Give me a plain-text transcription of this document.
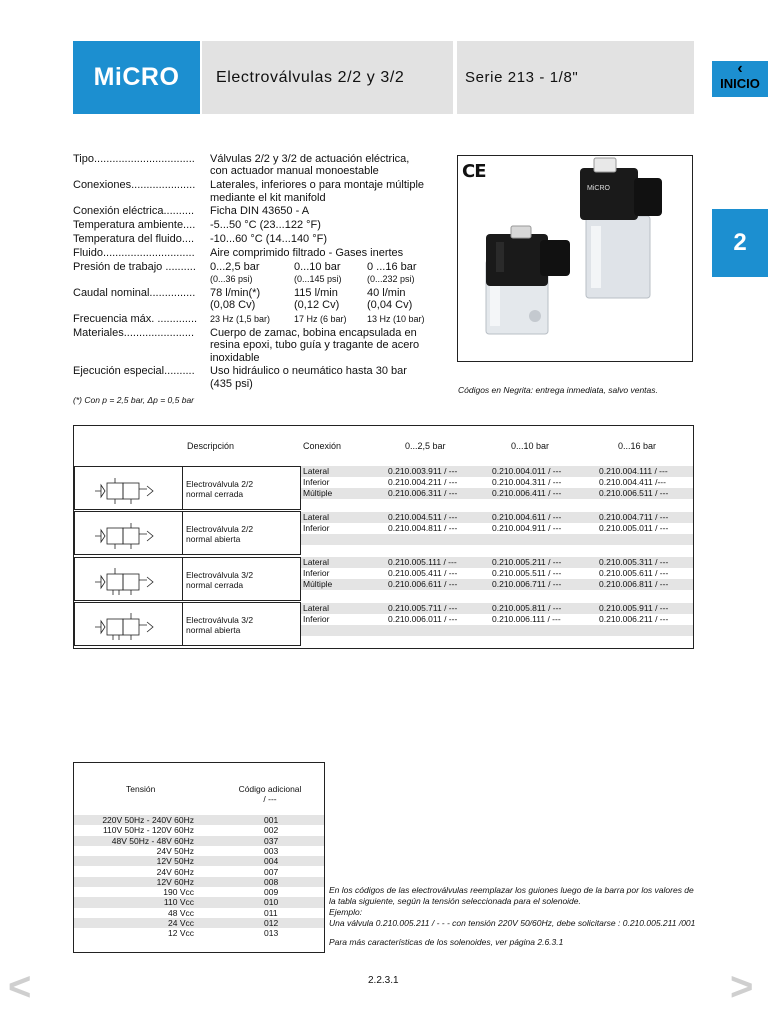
MiCRO	Electroválvulas 2/2 y 3/2	Serie 213 - 1/8"
‹
INICIO
2
Tipo.................................	Válvulas 2/2 y 3/2 de actuación eléctrica,
con actuador manual monoestable
Conexiones.....................	Laterales, inferiores o para montaje múltiple
mediante el kit manifold
Conexión eléctrica..........	Ficha DIN 43650 - A
Temperatura ambiente....	-5...50 °C (23...122 °F)
Temperatura del fluido....	-10...60 °C (14...140 °F)
Fluido..............................	Aire comprimido filtrado - Gases inertes
Presión de trabajo ..........	0...2,5 bar	0...10 bar	0 ...16 bar
(0...36 psi)	(0...145 psi)	(0...232 psi)
Caudal nominal...............	78 l/min(*)	115 l/min	40 l/min
(0,08 Cv)	(0,12 Cv)	(0,04 Cv)
Frecuencia máx. .............	23 Hz (1,5 bar)	17 Hz (6 bar)	13 Hz (10 bar)
Materiales.......................	Cuerpo de zamac, bobina encapsulada en
resina epoxi, tubo guía y tragante de acero
inoxidable
Ejecución especial..........	Uso hidráulico o neumático hasta 30 bar
(435 psi)
(*) Con p = 2,5 bar, Δp = 0,5 bar
CE
MiCRO
Códigos en Negrita: entrega inmediata, salvo ventas.
Descripción	Conexión	0...2,5 bar	0...10 bar	0...16 bar
Electroválvula 2/2
normal cerrada
Lateral	0.210.003.911 / ---	0.210.004.011 / ---	0.210.004.111 / ---
Inferior	0.210.004.211 / ---	0.210.004.311 / ---	0.210.004.411 /---
Múltiple	0.210.006.311 / ---	0.210.006.411 / ---	0.210.006.511 / ---
Electroválvula 2/2
normal abierta
Lateral	0.210.004.511 / ---	0.210.004.611 / ---	0.210.004.711 / ---
Inferior	0.210.004.811 / ---	0.210.004.911 / ---	0.210.005.011 / ---
Electroválvula 3/2
normal cerrada
Lateral	0.210.005.111 / ---	0.210.005.211 / ---	0.210.005.311 / ---
Inferior	0.210.005.411 / ---	0.210.005.511 / ---	0.210.005.611 / ---
Múltiple	0.210.006.611 / ---	0.210.006.711 / ---	0.210.006.811 / ---
Electroválvula 3/2
normal abierta
Lateral	0.210.005.711 / ---	0.210.005.811 / ---	0.210.005.911 / ---
Inferior	0.210.006.011 / ---	0.210.006.111 / ---	0.210.006.211 / ---
Tensión	Código adicional
/ ---
220V 50Hz - 240V 60Hz	001
110V 50Hz - 120V 60Hz	002
48V 50Hz - 48V 60Hz	037
24V 50Hz	003
12V 50Hz	004
24V 60Hz	007
12V 60Hz	008
190 Vcc	009
110 Vcc	010
48 Vcc	011
24 Vcc	012
12 Vcc	013
En los códigos de las electroválvulas reemplazar los guiones luego de la barra por los valores de
la tabla siguiente, según la tensión seleccionada para el solenoide.
Ejemplo:
Una válvula 0.210.005.211 / - - - con tensión 220V 50/60Hz, debe solicitarse : 0.210.005.211 /001
Para más características de los solenoides, ver página 2.6.3.1
2.2.3.1
<	>
